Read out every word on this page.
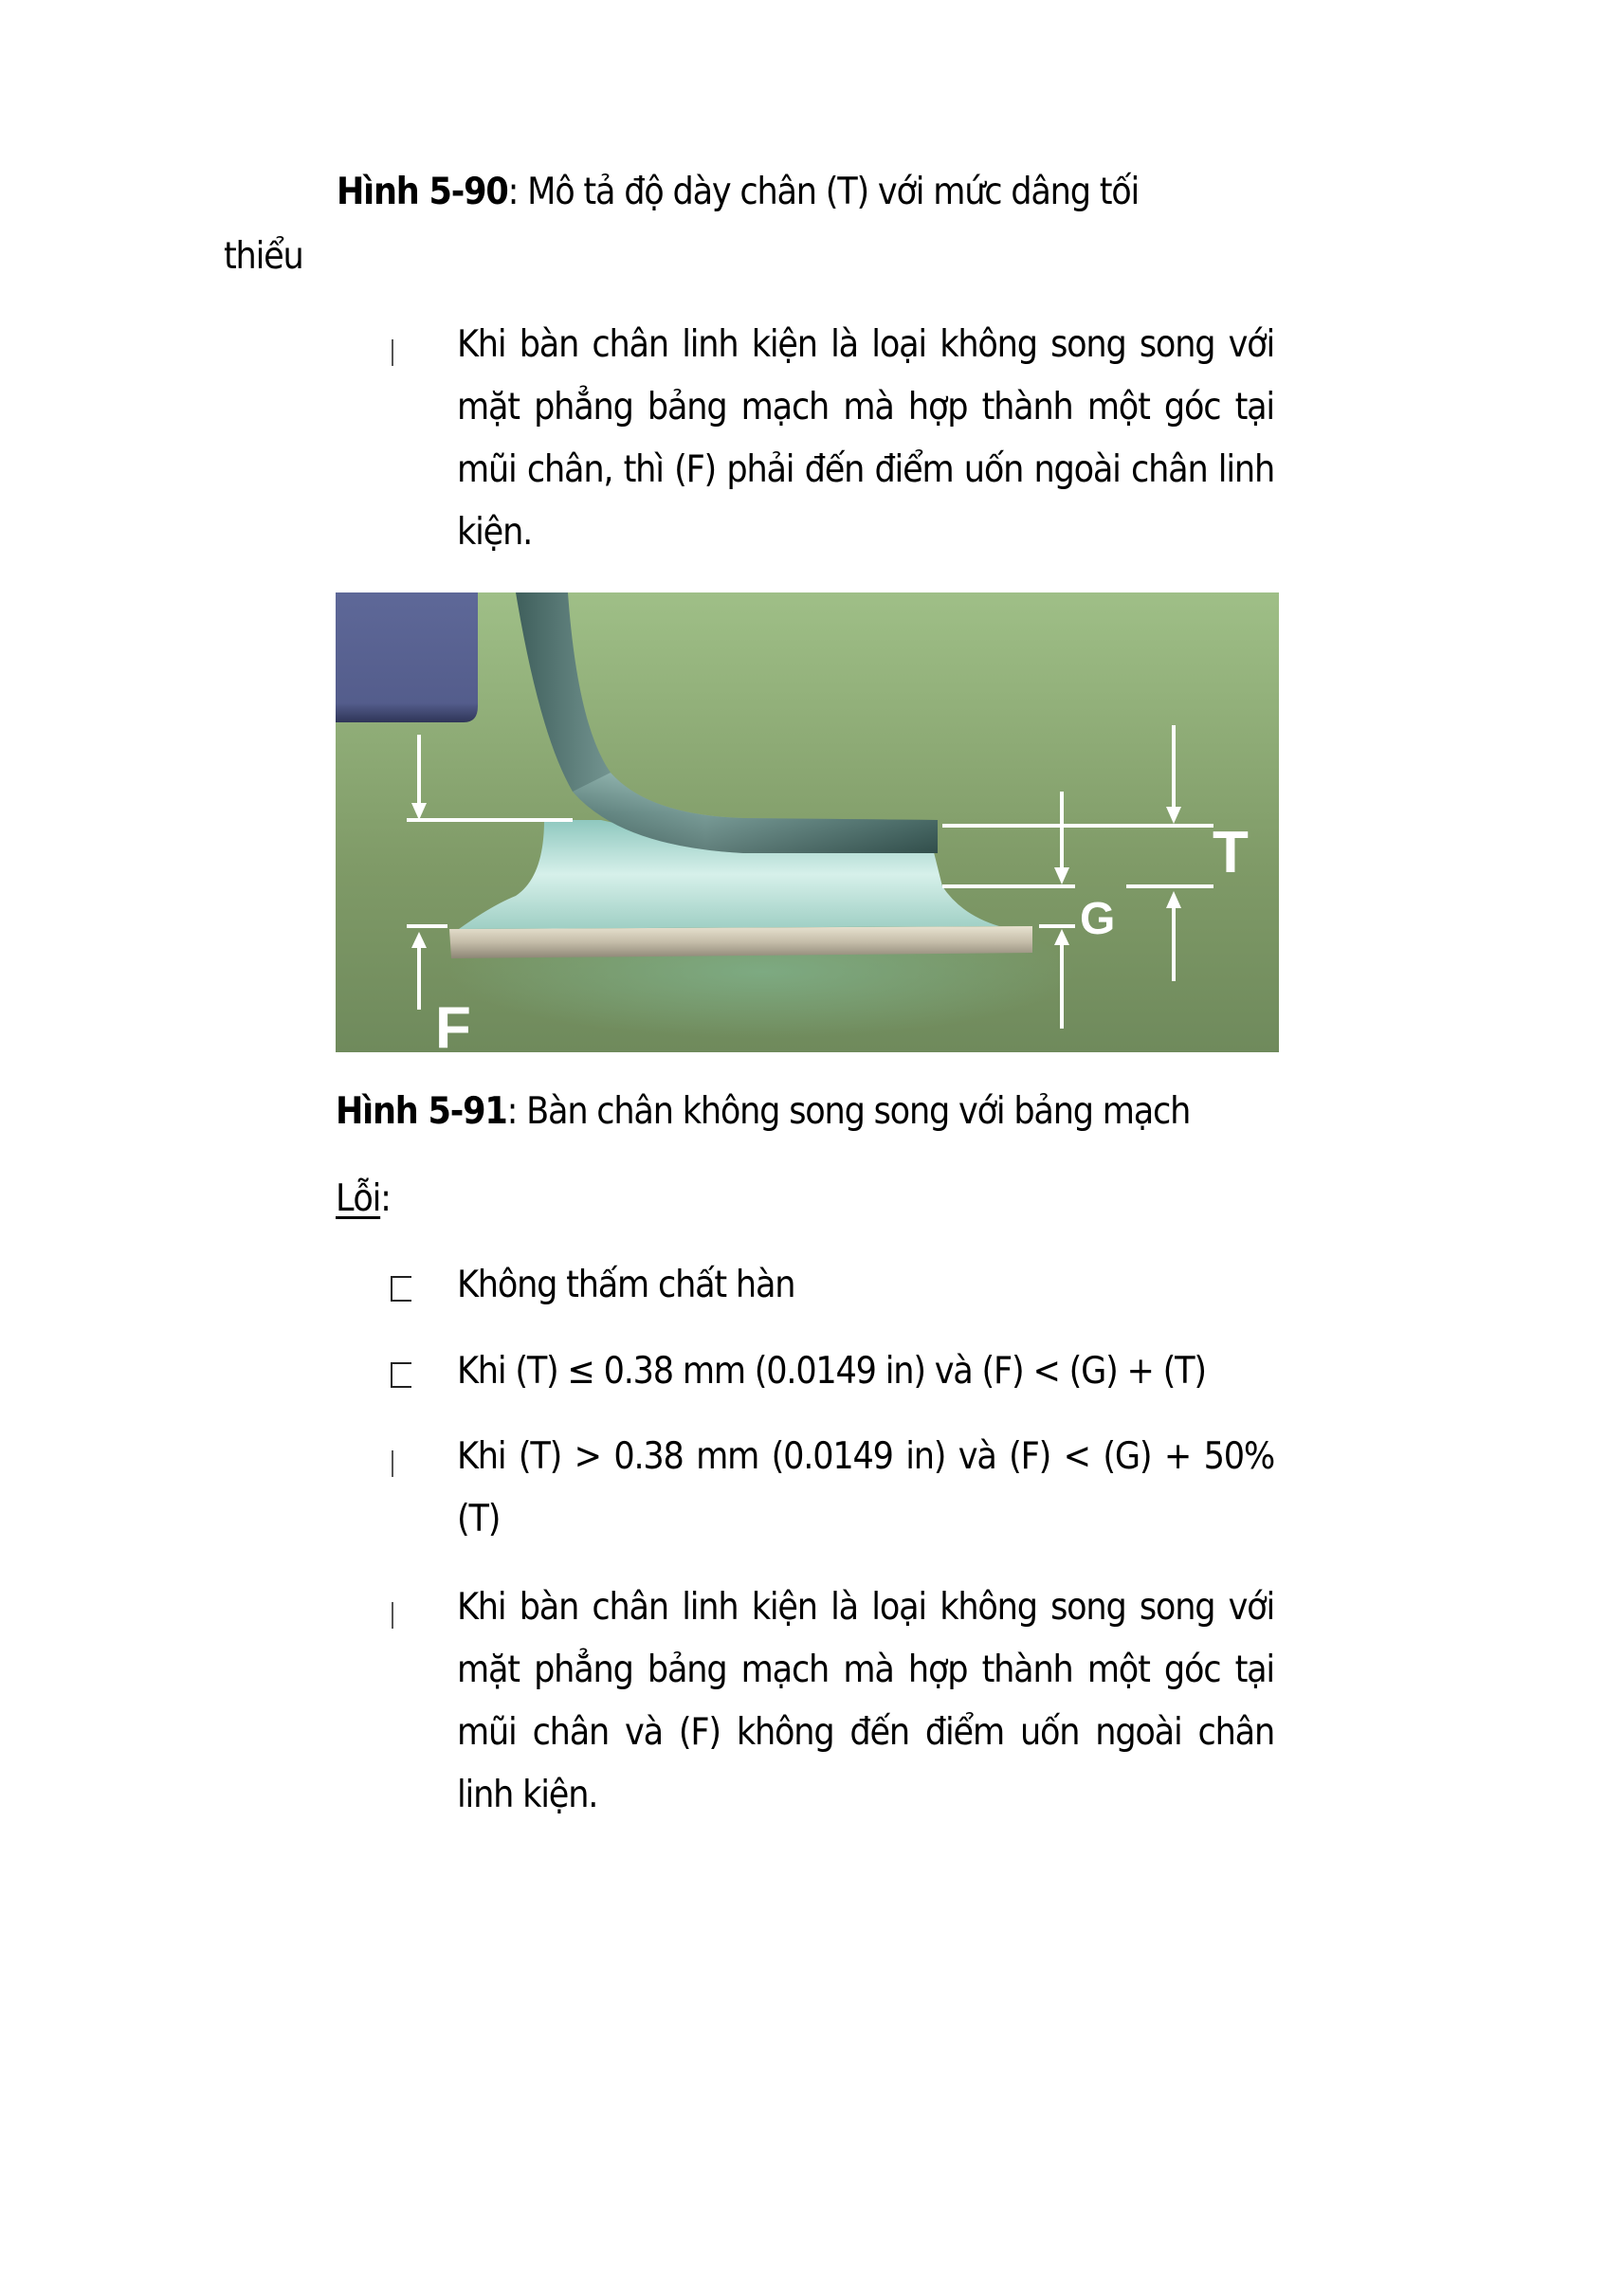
Hình 5-90: Mô tả độ dày chân (T) với mức dâng tối
thiểu
Khi bàn chân linh kiện là loại không song song với
mặt phẳng bảng mạch mà hợp thành một góc tại
mũi chân, thì (F) phải đến điểm uốn ngoài chân linh
kiện.
T
G
F
Hình 5-91: Bàn chân không song song với bảng mạch
Lỗi:
Không thấm chất hàn
Khi (T) ≤ 0.38 mm (0.0149 in) và (F) < (G) + (T)
Khi (T) > 0.38 mm (0.0149 in) và (F) < (G) + 50%
(T)
Khi bàn chân linh kiện là loại không song song với
mặt phẳng bảng mạch mà hợp thành một góc tại
mũi chân và (F) không đến điểm uốn ngoài chân
linh kiện.
